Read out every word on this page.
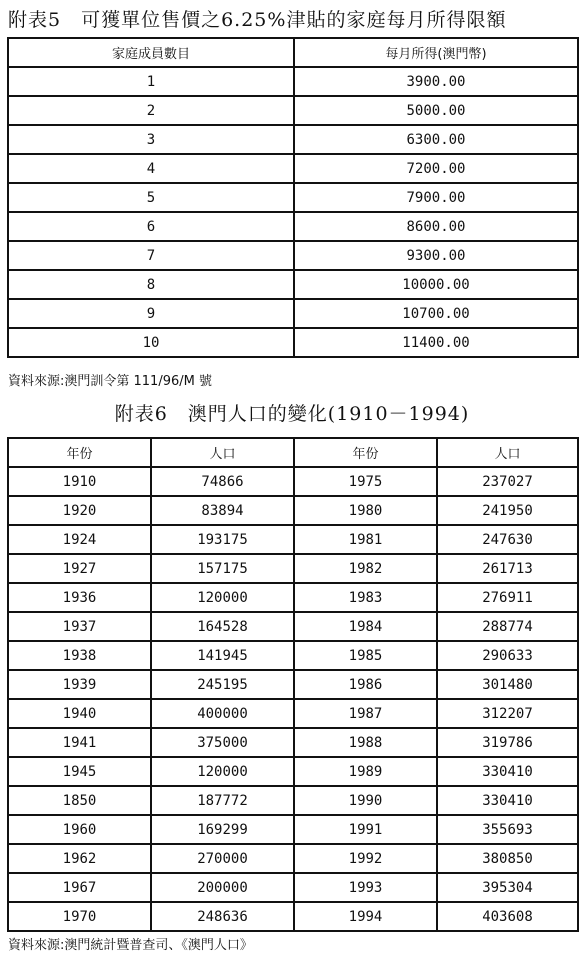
附表5　可獲單位售價之6.25%津貼的家庭每月所得限額
家庭成員數目	每月所得(澳門幣)
1	3900.00
2	5000.00
3	6300.00
4	7200.00
5	7900.00
6	8600.00
7	9300.00
8	10000.00
9	10700.00
10	11400.00
資料來源:澳門訓令第 111/96/M 號
附表6　澳門人口的變化(1910－1994)
年份	人口	年份	人口
1910	74866	1975	237027
1920	83894	1980	241950
1924	193175	1981	247630
1927	157175	1982	261713
1936	120000	1983	276911
1937	164528	1984	288774
1938	141945	1985	290633
1939	245195	1986	301480
1940	400000	1987	312207
1941	375000	1988	319786
1945	120000	1989	330410
1850	187772	1990	330410
1960	169299	1991	355693
1962	270000	1992	380850
1967	200000	1993	395304
1970	248636	1994	403608
資料來源:澳門統計暨普查司、《澳門人口》
